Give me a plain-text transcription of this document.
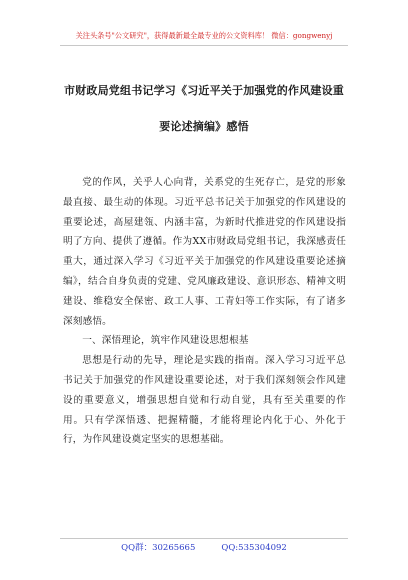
关注头条号"公文研究"，获得最新最全最专业的公文资料库！ 微信：gongwenyj
市财政局党组书记学习《习近平关于加强党的作风建设重
要论述摘编》感悟

党的作风，关乎人心向背，关系党的生死存亡，是党的形象最直接、最生动的体现。习近平总书记关于加强党的作风建设的重要论述，高屋建瓴、内涵丰富，为新时代推进党的作风建设指明了方向、提供了遵循。作为XX市财政局党组书记，我深感责任重大，通过深入学习《习近平关于加强党的作风建设重要论述摘编》，结合自身负责的党建、党风廉政建设、意识形态、精神文明建设、维稳安全保密、政工人事、工青妇等工作实际，有了诸多深刻感悟。

一、深悟理论，筑牢作风建设思想根基

思想是行动的先导，理论是实践的指南。深入学习习近平总书记关于加强党的作风建设重要论述，对于我们深刻领会作风建设的重要意义，增强思想自觉和行动自觉，具有至关重要的作用。只有学深悟透、把握精髓，才能将理论内化于心、外化于行，为作风建设奠定坚实的思想基础。

QQ群：30265665	QQ:535304092
